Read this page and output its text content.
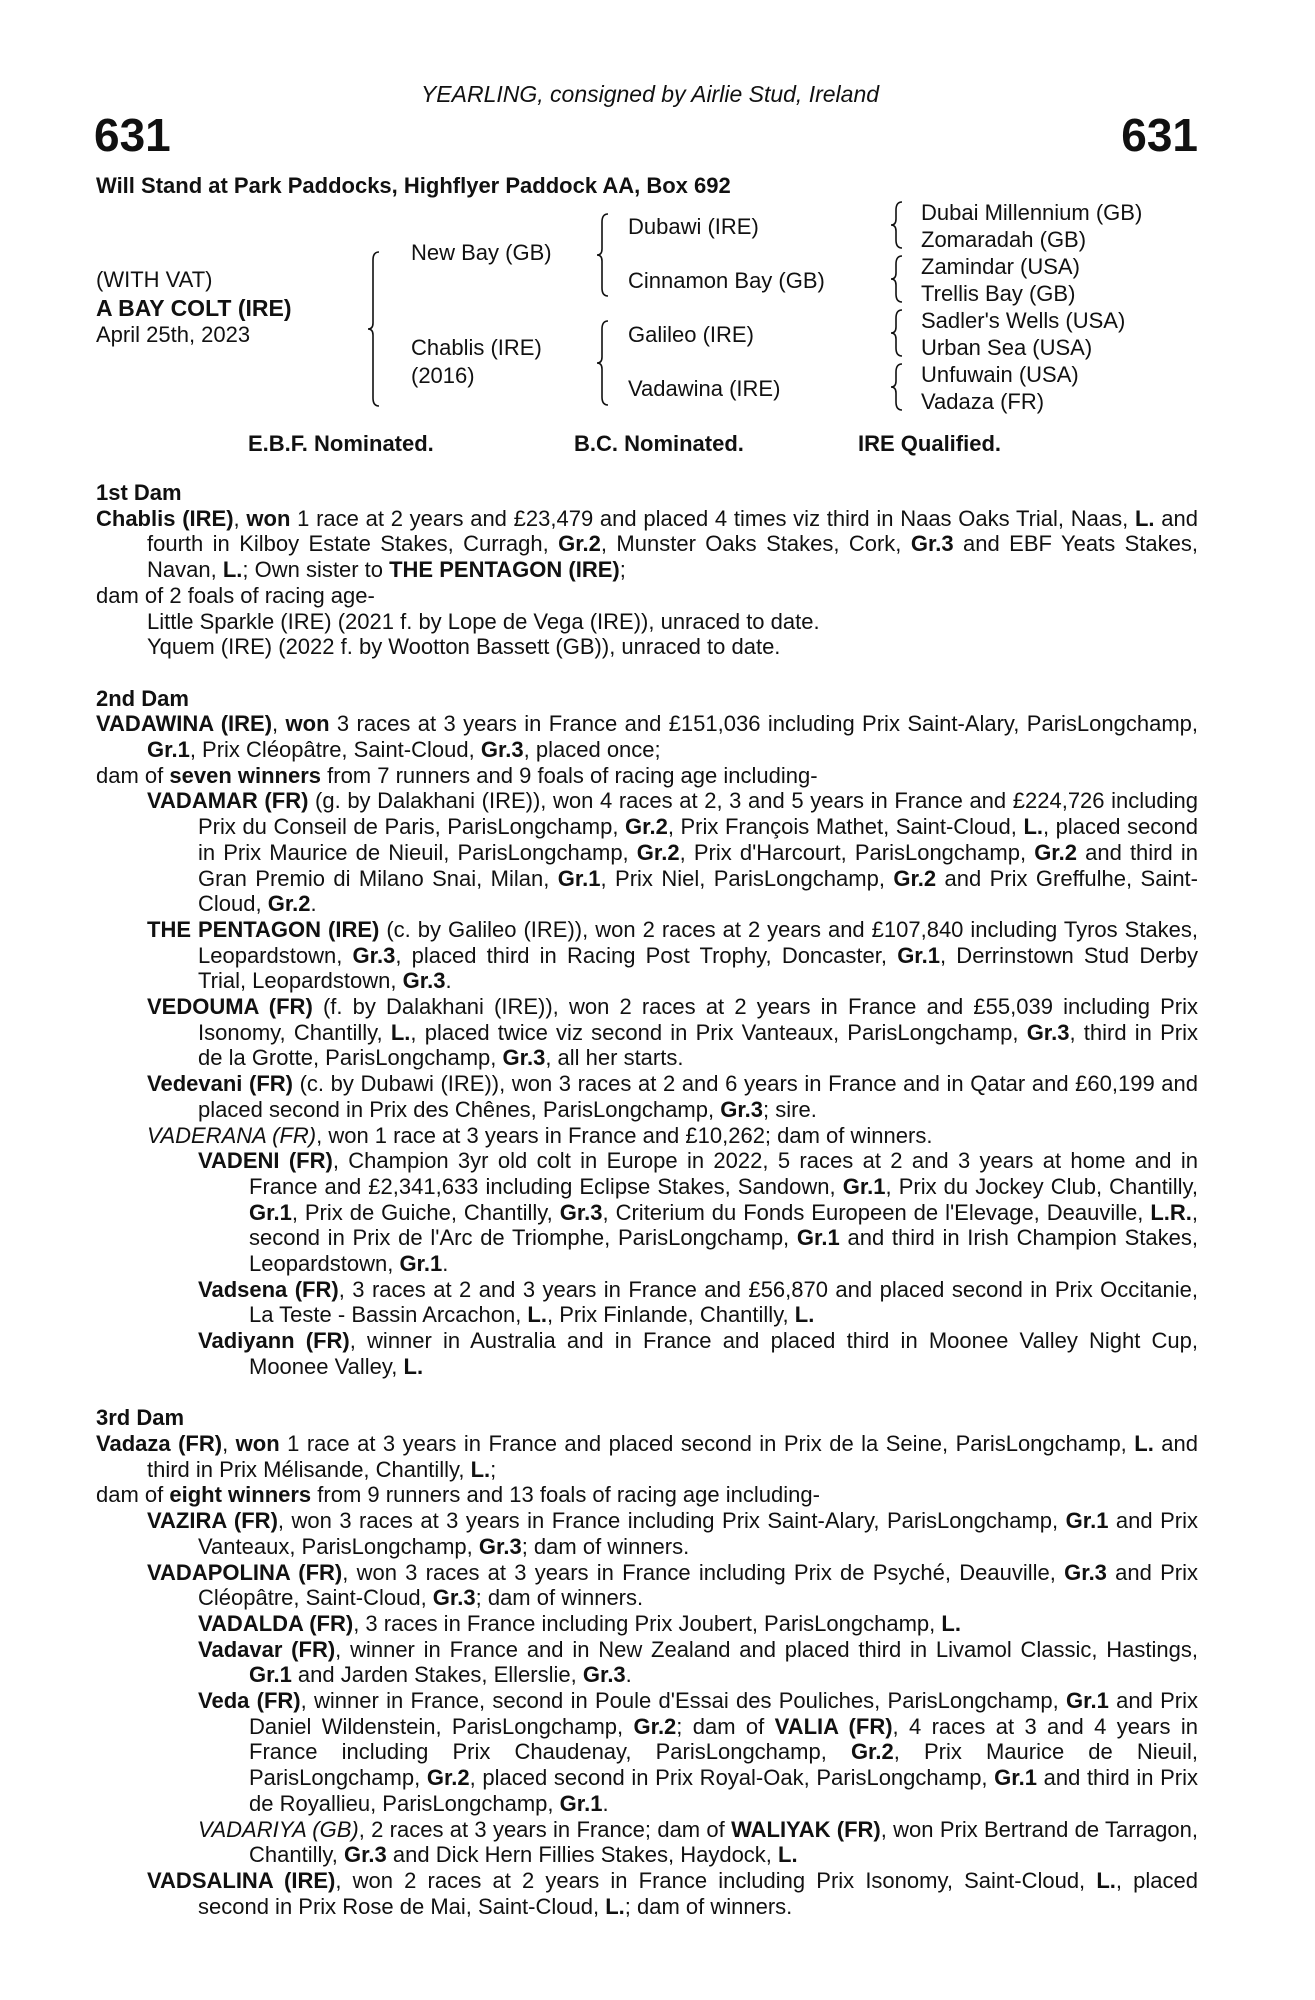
YEARLING, consigned by Airlie Stud, Ireland
631	631
Will Stand at Park Paddocks, Highflyer Paddock AA, Box 692
(WITH VAT)
A BAY COLT (IRE)
April 25th, 2023
New Bay (GB)
Chablis (IRE)
(2016)
Dubawi (IRE)
Cinnamon Bay (GB)
Galileo (IRE)
Vadawina (IRE)
Dubai Millennium (GB)
Zomaradah (GB)
Zamindar (USA)
Trellis Bay (GB)
Sadler's Wells (USA)
Urban Sea (USA)
Unfuwain (USA)
Vadaza (FR)
E.B.F. Nominated.	B.C. Nominated.	IRE Qualified.
1st Dam
Chablis (IRE), won 1 race at 2 years and £23,479 and placed 4 times viz third in Naas Oaks Trial, Naas, L. and fourth in Kilboy Estate Stakes, Curragh, Gr.2, Munster Oaks Stakes, Cork, Gr.3 and EBF Yeats Stakes, Navan, L.; Own sister to THE PENTAGON (IRE);
dam of 2 foals of racing age-
Little Sparkle (IRE) (2021 f. by Lope de Vega (IRE)), unraced to date.
Yquem (IRE) (2022 f. by Wootton Bassett (GB)), unraced to date.
2nd Dam
VADAWINA (IRE), won 3 races at 3 years in France and £151,036 including Prix Saint-Alary, ParisLongchamp, Gr.1, Prix Cléopâtre, Saint-Cloud, Gr.3, placed once;
dam of seven winners from 7 runners and 9 foals of racing age including-
VADAMAR (FR) (g. by Dalakhani (IRE)), won 4 races at 2, 3 and 5 years in France and £224,726 including Prix du Conseil de Paris, ParisLongchamp, Gr.2, Prix François Mathet, Saint-Cloud, L., placed second in Prix Maurice de Nieuil, ParisLongchamp, Gr.2, Prix d'Harcourt, ParisLongchamp, Gr.2 and third in Gran Premio di Milano Snai, Milan, Gr.1, Prix Niel, ParisLongchamp, Gr.2 and Prix Greffulhe, Saint-Cloud, Gr.2.
THE PENTAGON (IRE) (c. by Galileo (IRE)), won 2 races at 2 years and £107,840 including Tyros Stakes, Leopardstown, Gr.3, placed third in Racing Post Trophy, Doncaster, Gr.1, Derrinstown Stud Derby Trial, Leopardstown, Gr.3.
VEDOUMA (FR) (f. by Dalakhani (IRE)), won 2 races at 2 years in France and £55,039 including Prix Isonomy, Chantilly, L., placed twice viz second in Prix Vanteaux, ParisLongchamp, Gr.3, third in Prix de la Grotte, ParisLongchamp, Gr.3, all her starts.
Vedevani (FR) (c. by Dubawi (IRE)), won 3 races at 2 and 6 years in France and in Qatar and £60,199 and placed second in Prix des Chênes, ParisLongchamp, Gr.3; sire.
VADERANA (FR), won 1 race at 3 years in France and £10,262; dam of winners.
VADENI (FR), Champion 3yr old colt in Europe in 2022, 5 races at 2 and 3 years at home and in France and £2,341,633 including Eclipse Stakes, Sandown, Gr.1, Prix du Jockey Club, Chantilly, Gr.1, Prix de Guiche, Chantilly, Gr.3, Criterium du Fonds Europeen de l'Elevage, Deauville, L.R., second in Prix de l'Arc de Triomphe, ParisLongchamp, Gr.1 and third in Irish Champion Stakes, Leopardstown, Gr.1.
Vadsena (FR), 3 races at 2 and 3 years in France and £56,870 and placed second in Prix Occitanie, La Teste - Bassin Arcachon, L., Prix Finlande, Chantilly, L.
Vadiyann (FR), winner in Australia and in France and placed third in Moonee Valley Night Cup, Moonee Valley, L.
3rd Dam
Vadaza (FR), won 1 race at 3 years in France and placed second in Prix de la Seine, ParisLongchamp, L. and third in Prix Mélisande, Chantilly, L.;
dam of eight winners from 9 runners and 13 foals of racing age including-
VAZIRA (FR), won 3 races at 3 years in France including Prix Saint-Alary, ParisLongchamp, Gr.1 and Prix Vanteaux, ParisLongchamp, Gr.3; dam of winners.
VADAPOLINA (FR), won 3 races at 3 years in France including Prix de Psyché, Deauville, Gr.3 and Prix Cléopâtre, Saint-Cloud, Gr.3; dam of winners.
VADALDA (FR), 3 races in France including Prix Joubert, ParisLongchamp, L.
Vadavar (FR), winner in France and in New Zealand and placed third in Livamol Classic, Hastings, Gr.1 and Jarden Stakes, Ellerslie, Gr.3.
Veda (FR), winner in France, second in Poule d'Essai des Pouliches, ParisLongchamp, Gr.1 and Prix Daniel Wildenstein, ParisLongchamp, Gr.2; dam of VALIA (FR), 4 races at 3 and 4 years in France including Prix Chaudenay, ParisLongchamp, Gr.2, Prix Maurice de Nieuil, ParisLongchamp, Gr.2, placed second in Prix Royal-Oak, ParisLongchamp, Gr.1 and third in Prix de Royallieu, ParisLongchamp, Gr.1.
VADARIYA (GB), 2 races at 3 years in France; dam of WALIYAK (FR), won Prix Bertrand de Tarragon, Chantilly, Gr.3 and Dick Hern Fillies Stakes, Haydock, L.
VADSALINA (IRE), won 2 races at 2 years in France including Prix Isonomy, Saint-Cloud, L., placed second in Prix Rose de Mai, Saint-Cloud, L.; dam of winners.
